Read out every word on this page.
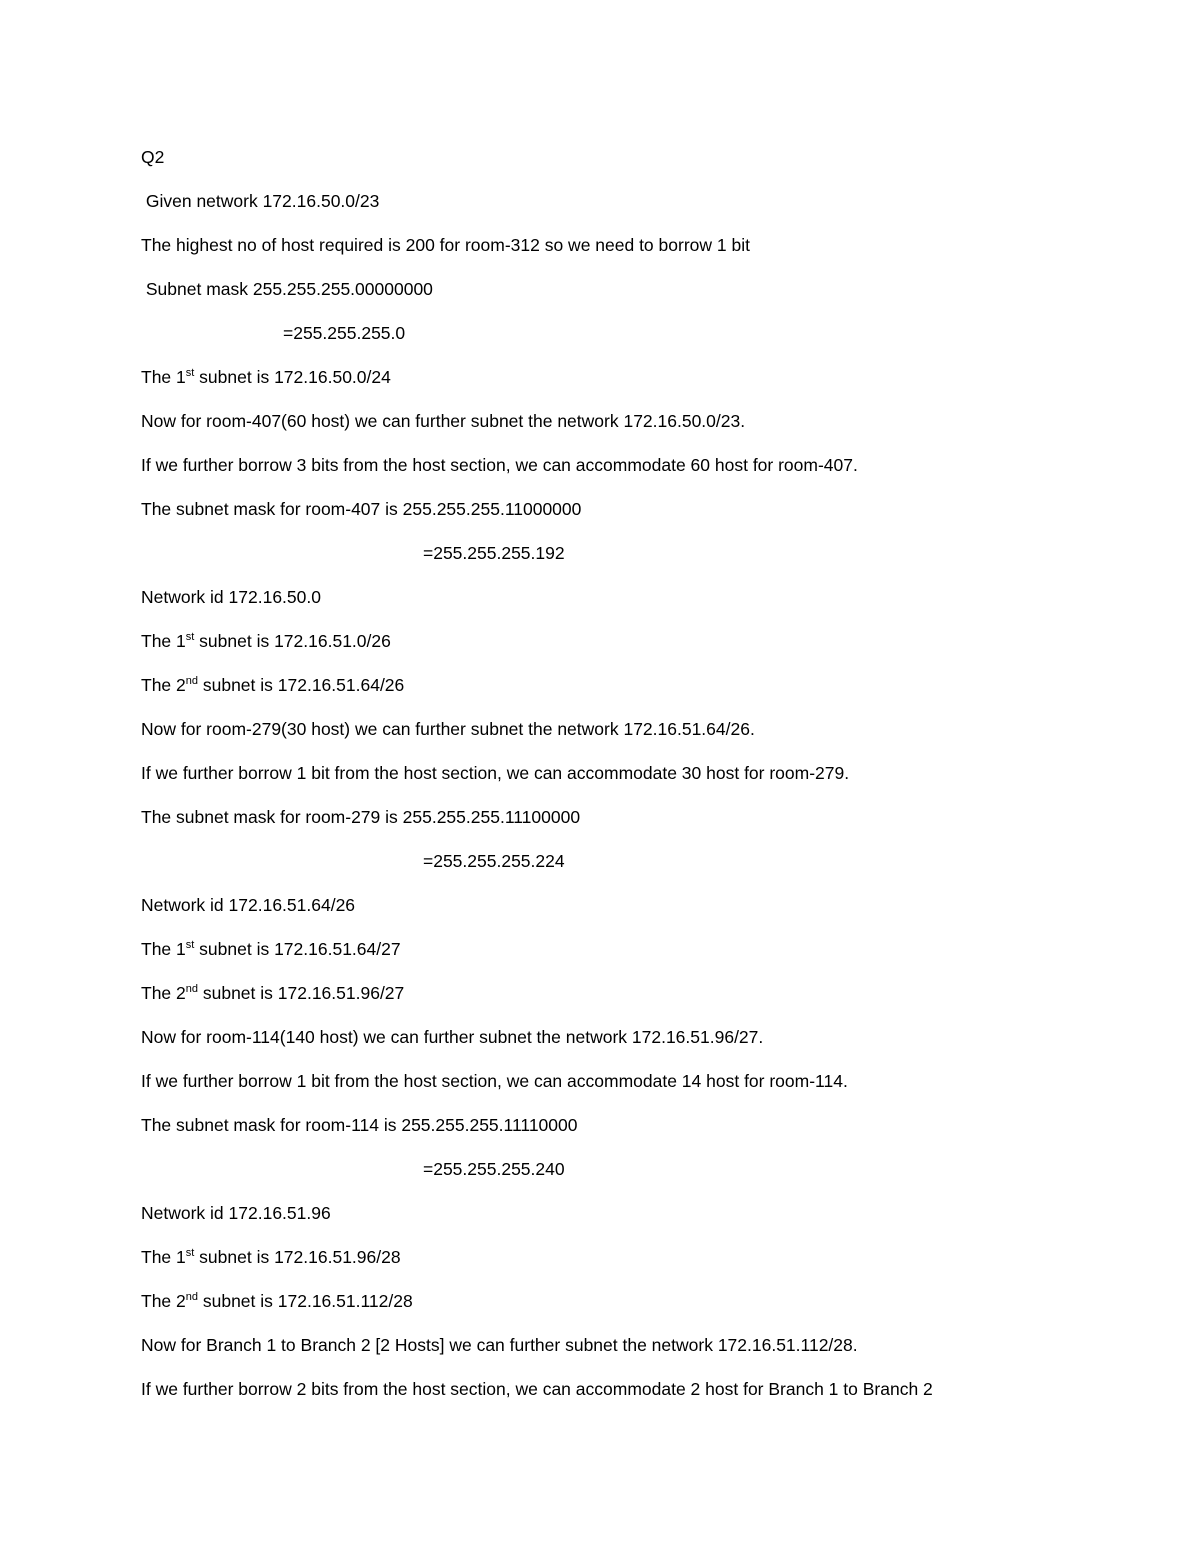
Q2

Given network 172.16.50.0/23

The highest no of host required is 200 for room-312 so we need to borrow 1 bit

Subnet mask 255.255.255.00000000

=255.255.255.0

The 1st subnet is 172.16.50.0/24

Now for room-407(60 host) we can further subnet the network 172.16.50.0/23.

If we further borrow 3 bits from the host section, we can accommodate 60 host for room-407.

The subnet mask for room-407 is 255.255.255.11000000

=255.255.255.192

Network id 172.16.50.0

The 1st subnet is 172.16.51.0/26

The 2nd subnet is 172.16.51.64/26

Now for room-279(30 host) we can further subnet the network 172.16.51.64/26.

If we further borrow 1 bit from the host section, we can accommodate 30 host for room-279.

The subnet mask for room-279 is 255.255.255.11100000

=255.255.255.224

Network id 172.16.51.64/26

The 1st subnet is 172.16.51.64/27

The 2nd subnet is 172.16.51.96/27

Now for room-114(140 host) we can further subnet the network 172.16.51.96/27.

If we further borrow 1 bit from the host section, we can accommodate 14 host for room-114.

The subnet mask for room-114 is 255.255.255.11110000

=255.255.255.240

Network id 172.16.51.96

The 1st subnet is 172.16.51.96/28

The 2nd subnet is 172.16.51.112/28

Now for Branch 1 to Branch 2 [2 Hosts] we can further subnet the network 172.16.51.112/28.

If we further borrow 2 bits from the host section, we can accommodate 2 host for Branch 1 to Branch 2
